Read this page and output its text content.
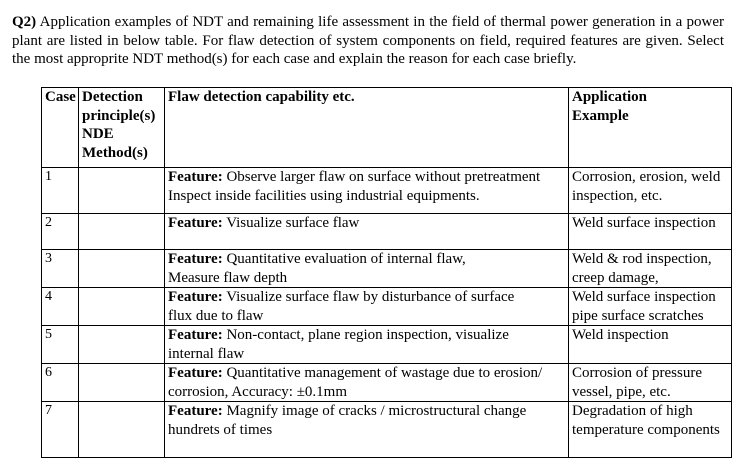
Q2) Application examples of NDT and remaining life assessment in the field of thermal power generation in a power plant are listed in below table. For flaw detection of system components on field, required features are given. Select the most approprite NDT method(s) for each case and explain the reason for each case briefly.

Case	Detection
principle(s)
NDE
Method(s)	Flaw detection capability etc.	Application
Example
1		Feature: Observe larger flaw on surface without pretreatment
Inspect inside facilities using industrial equipments.	Corrosion, erosion, weld inspection, etc.
2		Feature: Visualize surface flaw	Weld surface inspection
3		Feature: Quantitative evaluation of internal flaw,
Measure flaw depth	Weld & rod inspection, creep damage,
4		Feature: Visualize surface flaw by disturbance of surface
flux due to flaw	Weld surface inspection pipe surface scratches
5		Feature: Non-contact, plane region inspection, visualize
internal flaw	Weld inspection
6		Feature: Quantitative management of wastage due to erosion/
corrosion, Accuracy: ±0.1mm	Corrosion of pressure vessel, pipe, etc.
7		Feature: Magnify image of cracks / microstructural change
hundrets of times	Degradation of high temperature components
